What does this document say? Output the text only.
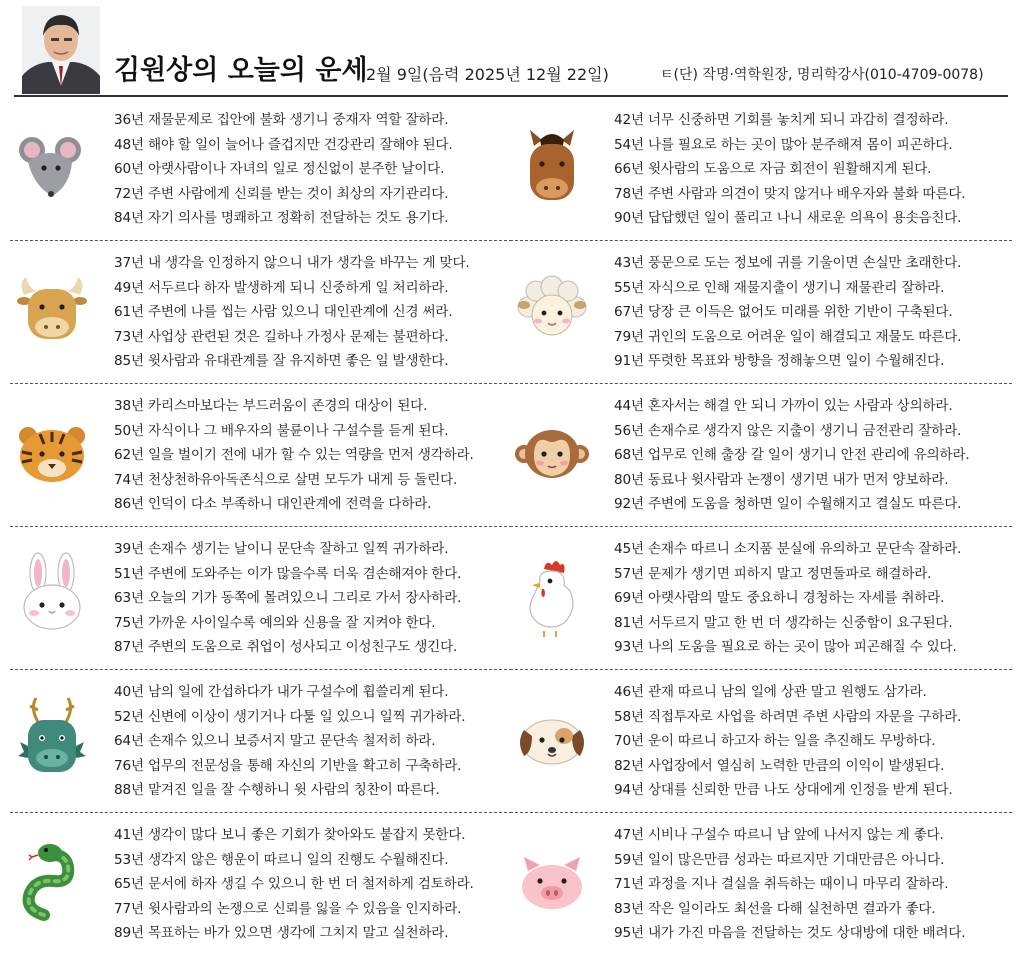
김원상의 오늘의 운세
2월 9일(음력 2025년 12월 22일)	ㅌ(단) 작명·역학원장, 명리학강사(010-4709-0078)
36년 재물문제로 집안에 불화 생기니 중재자 역할 잘하라.
48년 해야 할 일이 늘어나 즐겁지만 건강관리 잘해야 된다.
60년 아랫사람이나 자녀의 일로 정신없이 분주한 날이다.
72년 주변 사람에게 신뢰를 받는 것이 최상의 자기관리다.
84년 자기 의사를 명쾌하고 정확히 전달하는 것도 용기다.
37년 내 생각을 인정하지 않으니 내가 생각을 바꾸는 게 맞다.
49년 서두르다 하자 발생하게 되니 신중하게 일 처리하라.
61년 주변에 나를 씹는 사람 있으니 대인관계에 신경 써라.
73년 사업상 관련된 것은 길하나 가정사 문제는 불편하다.
85년 윗사람과 유대관계를 잘 유지하면 좋은 일 발생한다.
38년 카리스마보다는 부드러움이 존경의 대상이 된다.
50년 자식이나 그 배우자의 불륜이나 구설수를 듣게 된다.
62년 일을 벌이기 전에 내가 할 수 있는 역량을 먼저 생각하라.
74년 천상천하유아독존식으로 살면 모두가 내게 등 돌린다.
86년 인덕이 다소 부족하니 대인관계에 전력을 다하라.
39년 손재수 생기는 날이니 문단속 잘하고 일찍 귀가하라.
51년 주변에 도와주는 이가 많을수록 더욱 겸손해져야 한다.
63년 오늘의 기가 동쪽에 몰려있으니 그리로 가서 장사하라.
75년 가까운 사이일수록 예의와 신용을 잘 지켜야 한다.
87년 주변의 도움으로 취업이 성사되고 이성친구도 생긴다.
40년 남의 일에 간섭하다가 내가 구설수에 휩쓸리게 된다.
52년 신변에 이상이 생기거나 다툴 일 있으니 일찍 귀가하라.
64년 손재수 있으니 보증서지 말고 문단속 철저히 하라.
76년 업무의 전문성을 통해 자신의 기반을 확고히 구축하라.
88년 맡겨진 일을 잘 수행하니 윗 사람의 칭찬이 따른다.
41년 생각이 많다 보니 좋은 기회가 찾아와도 붙잡지 못한다.
53년 생각지 않은 행운이 따르니 일의 진행도 수월해진다.
65년 문서에 하자 생길 수 있으니 한 번 더 철저하게 검토하라.
77년 윗사람과의 논쟁으로 신뢰를 잃을 수 있음을 인지하라.
89년 목표하는 바가 있으면 생각에 그치지 말고 실천하라.
42년 너무 신중하면 기회를 놓치게 되니 과감히 결정하라.
54년 나를 필요로 하는 곳이 많아 분주해져 몸이 피곤하다.
66년 윗사람의 도움으로 자금 회전이 원활해지게 된다.
78년 주변 사람과 의견이 맞지 않거나 배우자와 불화 따른다.
90년 답답했던 일이 풀리고 나니 새로운 의욕이 용솟음친다.
43년 풍문으로 도는 정보에 귀를 기울이면 손실만 초래한다.
55년 자식으로 인해 재물지출이 생기니 재물관리 잘하라.
67년 당장 큰 이득은 없어도 미래를 위한 기반이 구축된다.
79년 귀인의 도움으로 어려운 일이 해결되고 재물도 따른다.
91년 뚜렷한 목표와 방향을 정해놓으면 일이 수월해진다.
44년 혼자서는 해결 안 되니 가까이 있는 사람과 상의하라.
56년 손재수로 생각지 않은 지출이 생기니 금전관리 잘하라.
68년 업무로 인해 출장 갈 일이 생기니 안전 관리에 유의하라.
80년 동료나 윗사람과 논쟁이 생기면 내가 먼저 양보하라.
92년 주변에 도움을 청하면 일이 수월해지고 결실도 따른다.
45년 손재수 따르니 소지품 분실에 유의하고 문단속 잘하라.
57년 문제가 생기면 피하지 말고 정면돌파로 해결하라.
69년 아랫사람의 말도 중요하니 경청하는 자세를 취하라.
81년 서두르지 말고 한 번 더 생각하는 신중함이 요구된다.
93년 나의 도움을 필요로 하는 곳이 많아 피곤해질 수 있다.
46년 관재 따르니 남의 일에 상관 말고 원행도 삼가라.
58년 직접투자로 사업을 하려면 주변 사람의 자문을 구하라.
70년 운이 따르니 하고자 하는 일을 추진해도 무방하다.
82년 사업장에서 열심히 노력한 만큼의 이익이 발생된다.
94년 상대를 신뢰한 만큼 나도 상대에게 인정을 받게 된다.
47년 시비나 구설수 따르니 남 앞에 나서지 않는 게 좋다.
59년 일이 많은만큼 성과는 따르지만 기대만큼은 아니다.
71년 과정을 지나 결실을 취득하는 때이니 마무리 잘하라.
83년 작은 일이라도 최선을 다해 실천하면 결과가 좋다.
95년 내가 가진 마음을 전달하는 것도 상대방에 대한 배려다.
